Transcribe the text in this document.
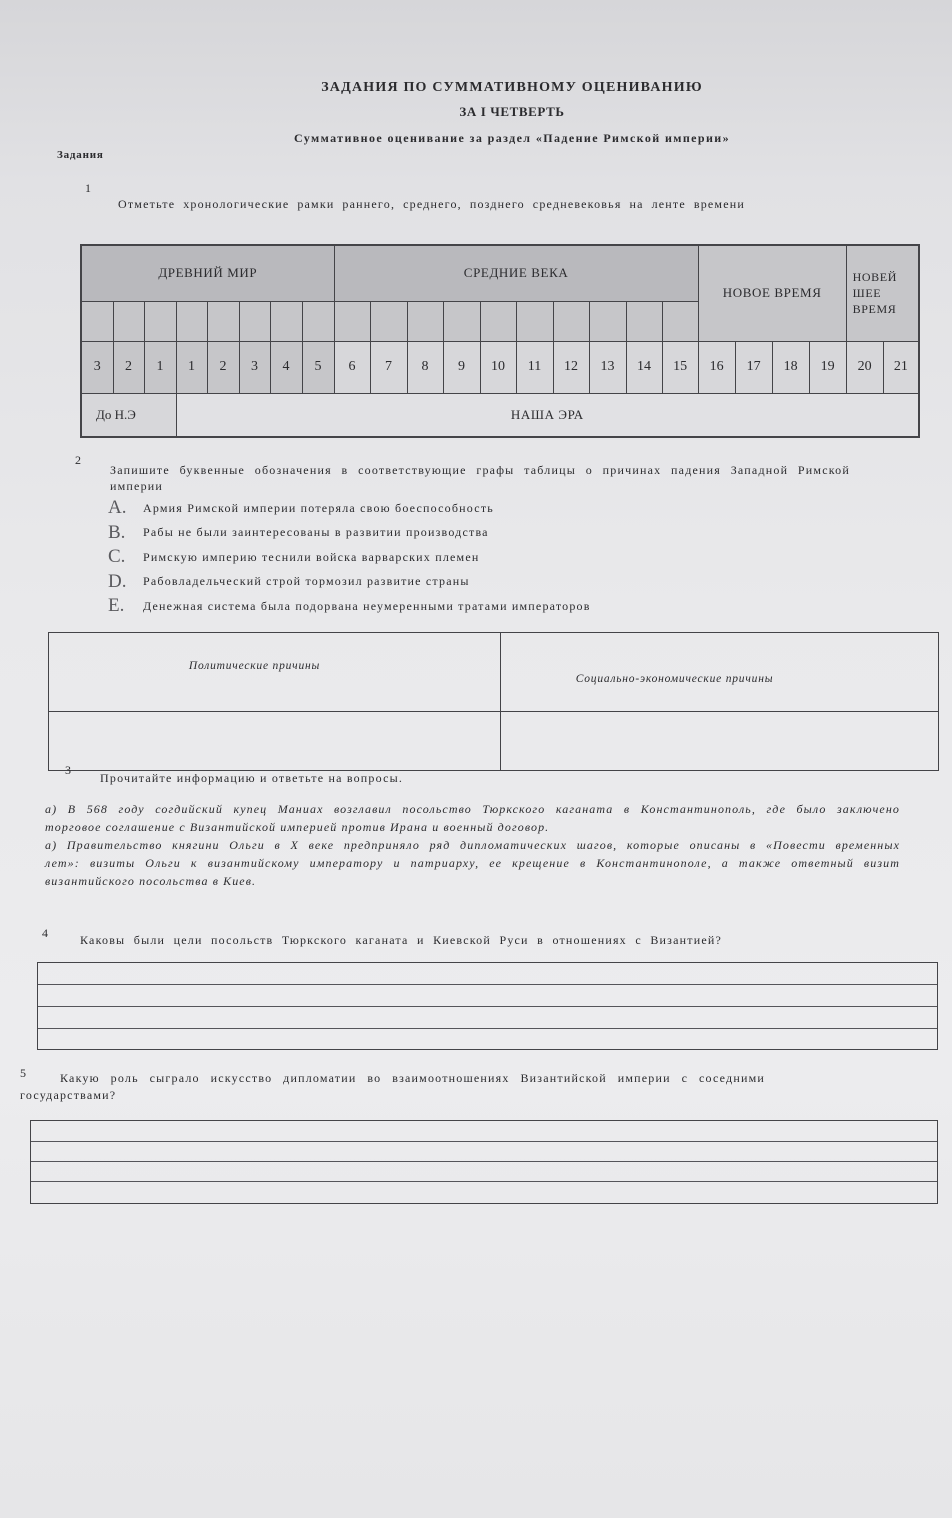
ЗАДАНИЯ ПО СУММАТИВНОМУ ОЦЕНИВАНИЮ
ЗА I ЧЕТВЕРТЬ
Суммативное оценивание за раздел «Падение Римской империи»
Задания
1
Отметьте хронологические рамки раннего, среднего, позднего средневековья на ленте времени
ДРЕВНИЙ МИР								СРЕДНИЕ ВЕКА										НОВОЕ ВРЕМЯ				НОВЕЙ
ШЕЕ
ВРЕМЯ	

3	2	1	1	2	3	4	5	6	7	8	9	10	11	12	13	14	15	16	17	18	19	20	21
До Н.Э			НАША ЭРА																				
2
Запишите буквенные обозначения в соответствующие графы таблицы о причинах падения Западной Римской
империи
A.	Армия Римской империи потеряла свою боеспособность
B.	Рабы не были заинтересованы в развитии производства
C.	Римскую империю теснили войска варварских племен
D.	Рабовладельческий строй тормозил развитие страны
E.	Денежная система была подорвана неумеренными тратами императоров
Политические причины	Социально-экономические причины

3
Прочитайте информацию и ответьте на вопросы.
а) В 568 году согдийский купец Маниах возглавил посольство Тюркского каганата в Константинополь, где было заключено
торговое соглашение с Византийской империей против Ирана и военный договор.
а) Правительство княгини Ольги в X веке предприняло ряд дипломатических шагов, которые описаны в «Повести временных
лет»: визиты Ольги к византийскому императору и патриарху, ее крещение в Константинополе, а также ответный визит
византийского посольства в Киев.
4	Каковы были цели посольств Тюркского каганата и Киевской Руси в отношениях с Византией?
5	Какую роль сыграло искусство дипломатии во взаимоотношениях Византийской империи с соседними
государствами?
